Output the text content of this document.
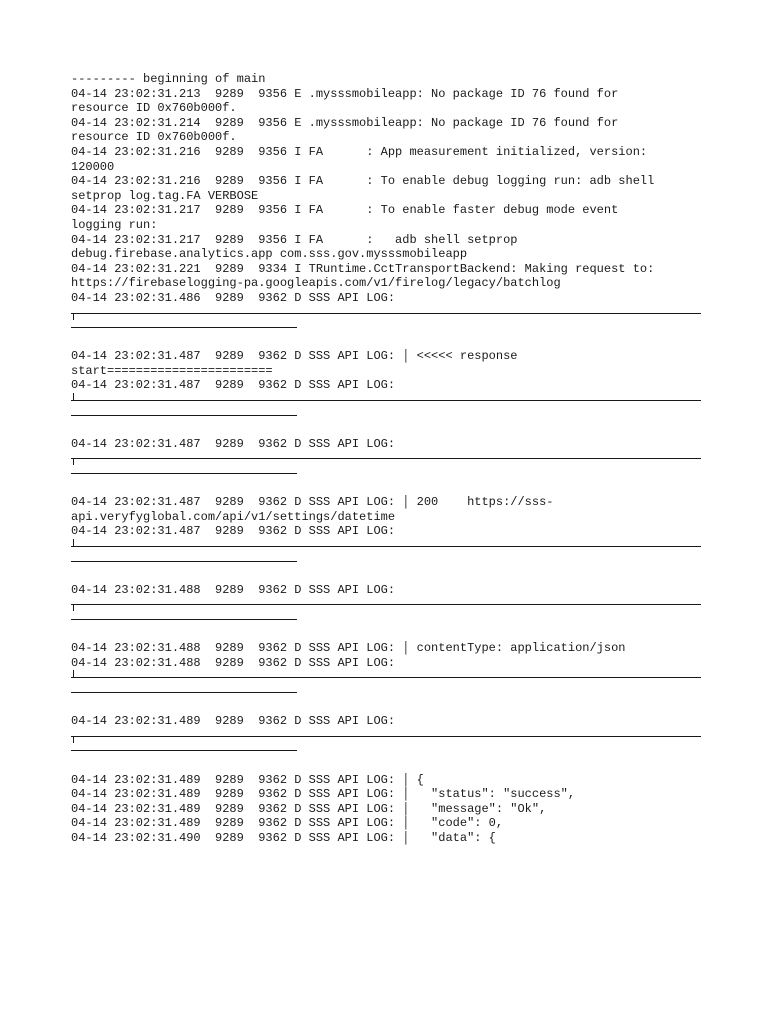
--------- beginning of main
04-14 23:02:31.213  9289  9356 E .mysssmobileapp: No package ID 76 found for
resource ID 0x760b000f.
04-14 23:02:31.214  9289  9356 E .mysssmobileapp: No package ID 76 found for
resource ID 0x760b000f.
04-14 23:02:31.216  9289  9356 I FA      : App measurement initialized, version:
120000
04-14 23:02:31.216  9289  9356 I FA      : To enable debug logging run: adb shell
setprop log.tag.FA VERBOSE
04-14 23:02:31.217  9289  9356 I FA      : To enable faster debug mode event
logging run:
04-14 23:02:31.217  9289  9356 I FA      :   adb shell setprop
debug.firebase.analytics.app com.sss.gov.mysssmobileapp
04-14 23:02:31.221  9289  9334 I TRuntime.CctTransportBackend: Making request to:
https://firebaselogging-pa.googleapis.com/v1/firelog/legacy/batchlog
04-14 23:02:31.486  9289  9362 D SSS API LOG:
04-14 23:02:31.487  9289  9362 D SSS API LOG: │ <<<<< response
start=======================
04-14 23:02:31.487  9289  9362 D SSS API LOG:
04-14 23:02:31.487  9289  9362 D SSS API LOG:
04-14 23:02:31.487  9289  9362 D SSS API LOG: │ 200    https://sss-
api.veryfyglobal.com/api/v1/settings/datetime
04-14 23:02:31.487  9289  9362 D SSS API LOG:
04-14 23:02:31.488  9289  9362 D SSS API LOG:
04-14 23:02:31.488  9289  9362 D SSS API LOG: │ contentType: application/json
04-14 23:02:31.488  9289  9362 D SSS API LOG:
04-14 23:02:31.489  9289  9362 D SSS API LOG:
04-14 23:02:31.489  9289  9362 D SSS API LOG: │ {
04-14 23:02:31.489  9289  9362 D SSS API LOG: │   "status": "success",
04-14 23:02:31.489  9289  9362 D SSS API LOG: │   "message": "Ok",
04-14 23:02:31.489  9289  9362 D SSS API LOG: │   "code": 0,
04-14 23:02:31.490  9289  9362 D SSS API LOG: │   "data": {
